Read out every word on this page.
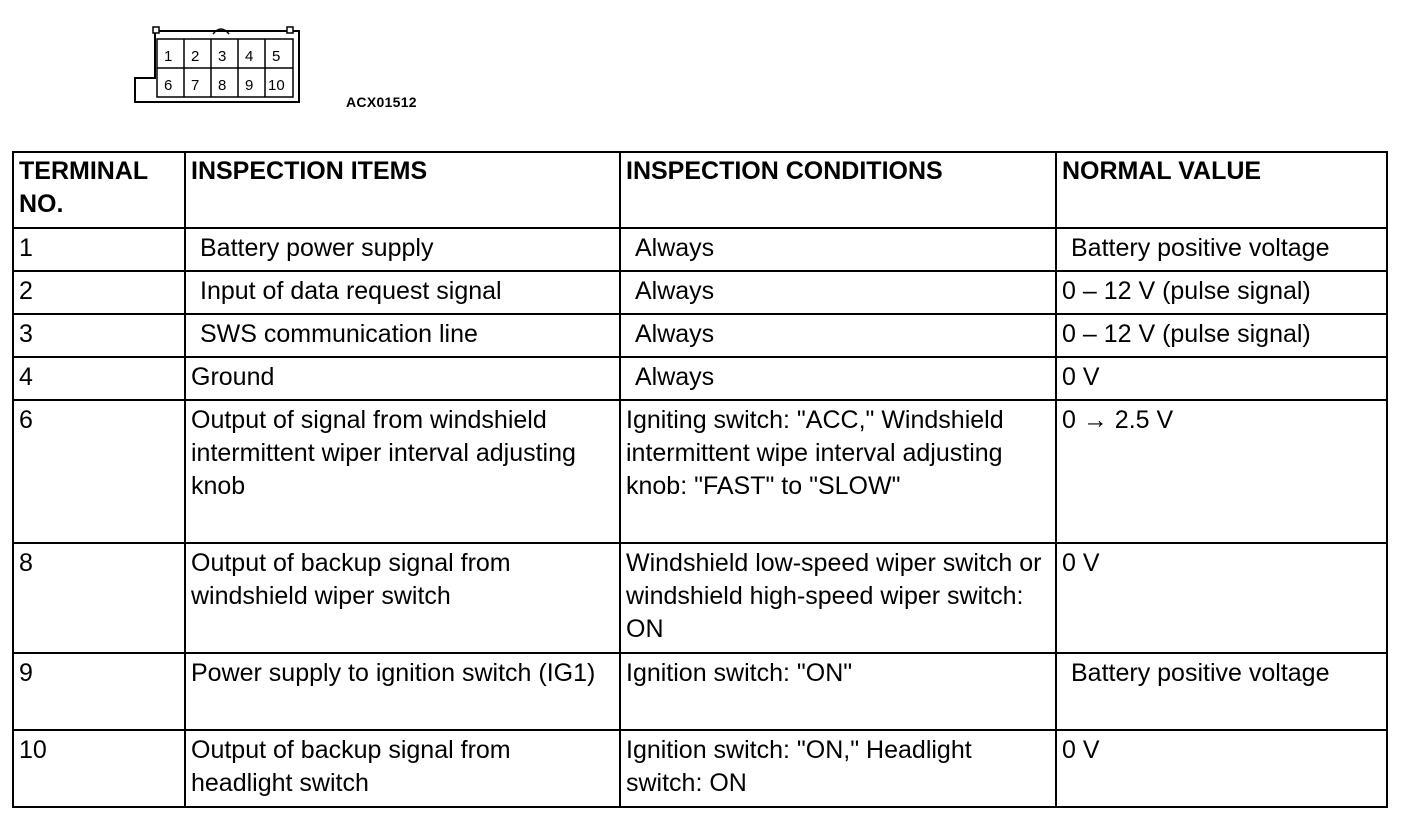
1 2 3 4 5
6 7 8 9 10
ACX01512
TERMINAL NO.	INSPECTION ITEMS	INSPECTION CONDITIONS	NORMAL VALUE
1	Battery power supply	Always	Battery positive voltage
2	Input of data request signal	Always	0 – 12 V (pulse signal)
3	SWS communication line	Always	0 – 12 V (pulse signal)
4	Ground	Always	0 V
6	Output of signal from windshield intermittent wiper interval adjusting knob	Igniting switch: "ACC," Windshield intermittent wipe interval adjusting knob: "FAST" to "SLOW"	0 → 2.5 V
8	Output of backup signal from windshield wiper switch	Windshield low-speed wiper switch or windshield high-speed wiper switch: ON	0 V
9	Power supply to ignition switch (IG1)	Ignition switch: "ON"	Battery positive voltage
10	Output of backup signal from headlight switch	Ignition switch: "ON," Headlight switch: ON	0 V
